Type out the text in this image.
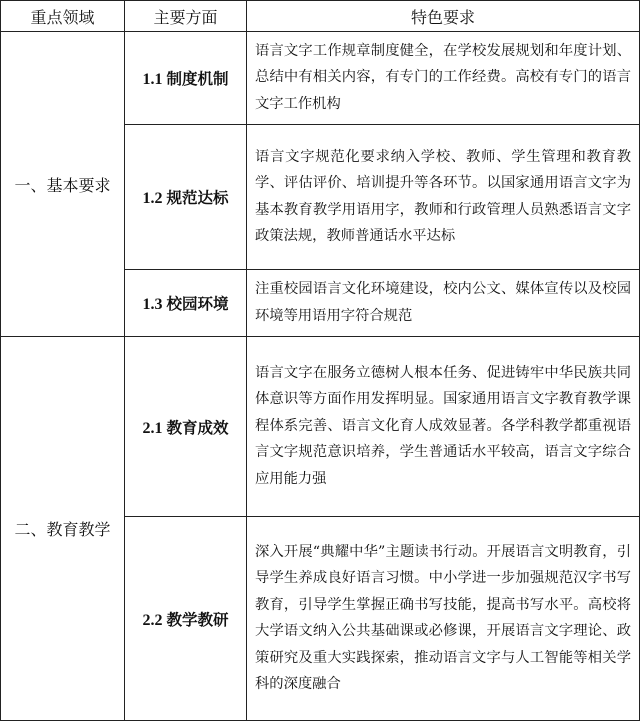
重点领域	主要方面	特色要求
一、基本要求	1.1 制度机制	语言文字工作规章制度健全，在学校发展规划和年度计划、总结中有相关内容，有专门的工作经费。高校有专门的语言文字工作机构
	1.2 规范达标	语言文字规范化要求纳入学校、教师、学生管理和教育教学、评估评价、培训提升等各环节。以国家通用语言文字为基本教育教学用语用字，教师和行政管理人员熟悉语言文字政策法规，教师普通话水平达标
	1.3 校园环境	注重校园语言文化环境建设，校内公文、媒体宣传以及校园环境等用语用字符合规范
二、教育教学	2.1 教育成效	语言文字在服务立德树人根本任务、促进铸牢中华民族共同体意识等方面作用发挥明显。国家通用语言文字教育教学课程体系完善、语言文化育人成效显著。各学科教学都重视语言文字规范意识培养，学生普通话水平较高，语言文字综合应用能力强
	2.2 教学教研	深入开展“典耀中华”主题读书行动。开展语言文明教育，引导学生养成良好语言习惯。中小学进一步加强规范汉字书写教育，引导学生掌握正确书写技能，提高书写水平。高校将大学语文纳入公共基础课或必修课，开展语言文字理论、政策研究及重大实践探索，推动语言文字与人工智能等相关学科的深度融合
